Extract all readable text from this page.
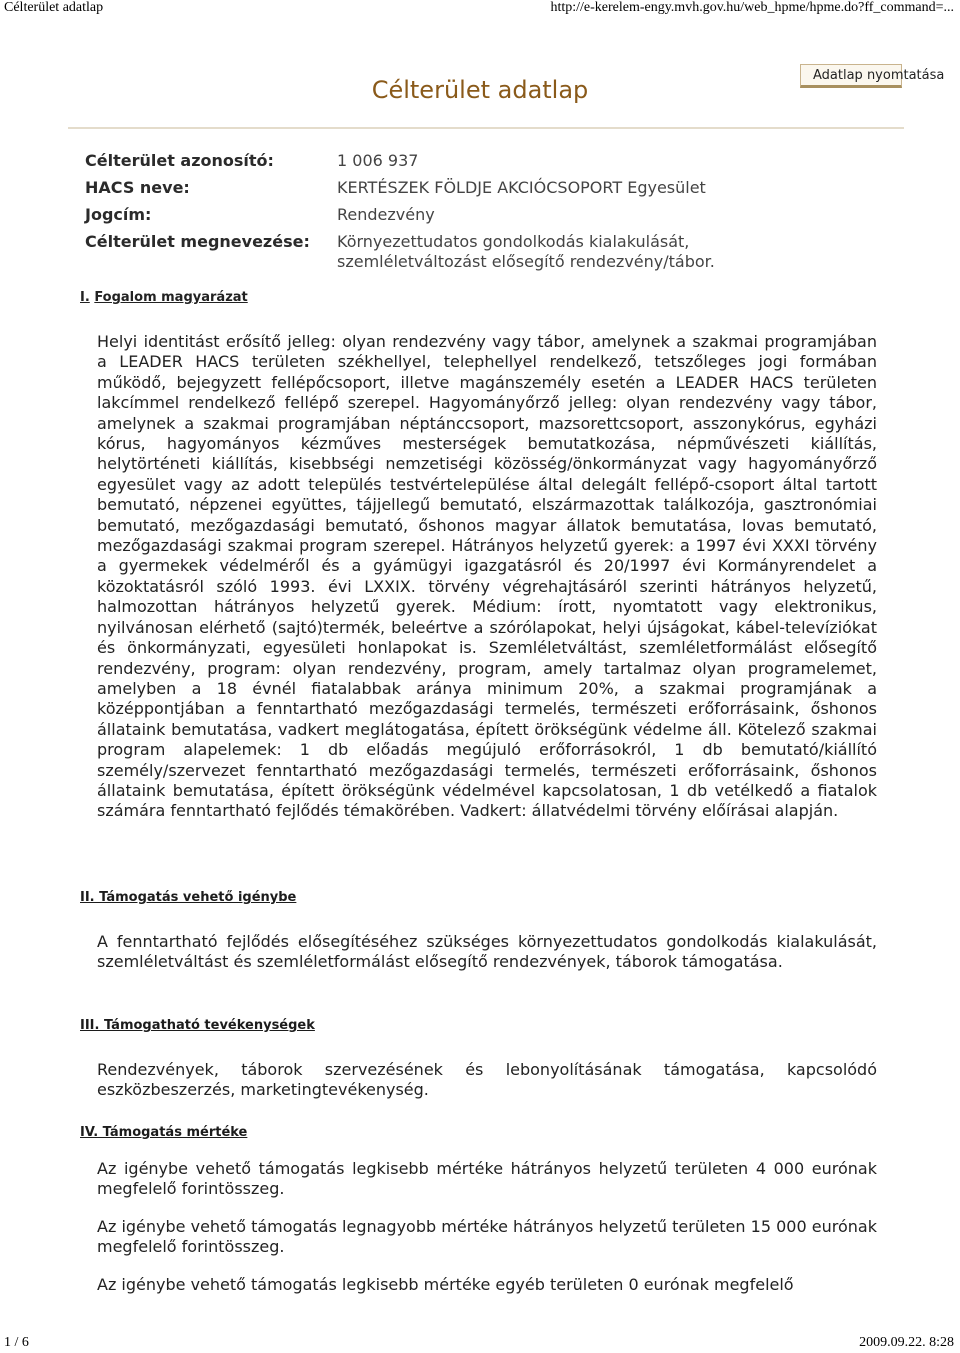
Célterület adatlap	http://e-kerelem-engy.mvh.gov.hu/web_hpme/hpme.do?ff_command=...
Célterület adatlap
Adatlap nyomtatása
Célterület azonosító:	1 006 937
HACS neve:	KERTÉSZEK FÖLDJE AKCIÓCSOPORT Egyesület
Jogcím:	Rendezvény
Célterület megnevezése:	Környezettudatos gondolkodás kialakulását, szemléletváltozást elősegítő rendezvény/tábor.
I. Fogalom magyarázat

Helyi identitást erősítő jelleg: olyan rendezvény vagy tábor, amelynek a szakmai programjában a LEADER HACS területen székhellyel, telephellyel rendelkező, tetszőleges jogi formában működő, bejegyzett fellépőcsoport, illetve magánszemély esetén a LEADER HACS területen lakcímmel rendelkező fellépő szerepel. Hagyományőrző jelleg: olyan rendezvény vagy tábor, amelynek a szakmai programjában néptánccsoport, mazsorettcsoport, asszonykórus, egyházi kórus, hagyományos kézműves mesterségek bemutatkozása, népművészeti kiállítás, helytörténeti kiállítás, kisebbségi nemzetiségi közösség/önkormányzat vagy hagyományőrző egyesület vagy az adott település testvértelepülése által delegált fellépő-csoport által tartott bemutató, népzenei együttes, tájjellegű bemutató, elszármazottak találkozója, gasztronómiai bemutató, mezőgazdasági bemutató, őshonos magyar állatok bemutatása, lovas bemutató, mezőgazdasági szakmai program szerepel. Hátrányos helyzetű gyerek: a 1997 évi XXXI törvény a gyermekek védelméről és a gyámügyi igazgatásról és 20/1997 évi Kormányrendelet a közoktatásról szóló 1993. évi LXXIX. törvény végrehajtásáról szerinti hátrányos helyzetű, halmozottan hátrányos helyzetű gyerek. Médium: írott, nyomtatott vagy elektronikus, nyilvánosan elérhető (sajtó)termék, beleértve a szórólapokat, helyi újságokat, kábel-televíziókat és önkormányzati, egyesületi honlapokat is. Szemléletváltást, szemléletformálást elősegítő rendezvény, program: olyan rendezvény, program, amely tartalmaz olyan programelemet, amelyben a 18 évnél fiatalabbak aránya minimum 20%, a szakmai programjának a középpontjában a fenntartható mezőgazdasági termelés, természeti erőforrásaink, őshonos állataink bemutatása, vadkert meglátogatása, épített örökségünk védelme áll. Kötelező szakmai program alapelemek: 1 db előadás megújuló erőforrásokról, 1 db bemutató/kiállító személy/szervezet fenntartható mezőgazdasági termelés, természeti erőforrásaink, őshonos állataink bemutatása, épített örökségünk védelmével kapcsolatosan, 1 db vetélkedő a fiatalok számára fenntartható fejlődés témakörében. Vadkert: állatvédelmi törvény előírásai alapján.

II. Támogatás vehető igénybe

A fenntartható fejlődés elősegítéséhez szükséges környezettudatos gondolkodás kialakulását, szemléletváltást és szemléletformálást elősegítő rendezvények, táborok támogatása.

III. Támogatható tevékenységek

Rendezvények, táborok szervezésének és lebonyolításának támogatása, kapcsolódó eszközbeszerzés, marketingtevékenység.

IV. Támogatás mértéke

Az igénybe vehető támogatás legkisebb mértéke hátrányos helyzetű területen 4 000 eurónak megfelelő forintösszeg.

Az igénybe vehető támogatás legnagyobb mértéke hátrányos helyzetű területen 15 000 eurónak megfelelő forintösszeg.

Az igénybe vehető támogatás legkisebb mértéke egyéb területen 0 eurónak megfelelő

1 / 6	2009.09.22. 8:28
